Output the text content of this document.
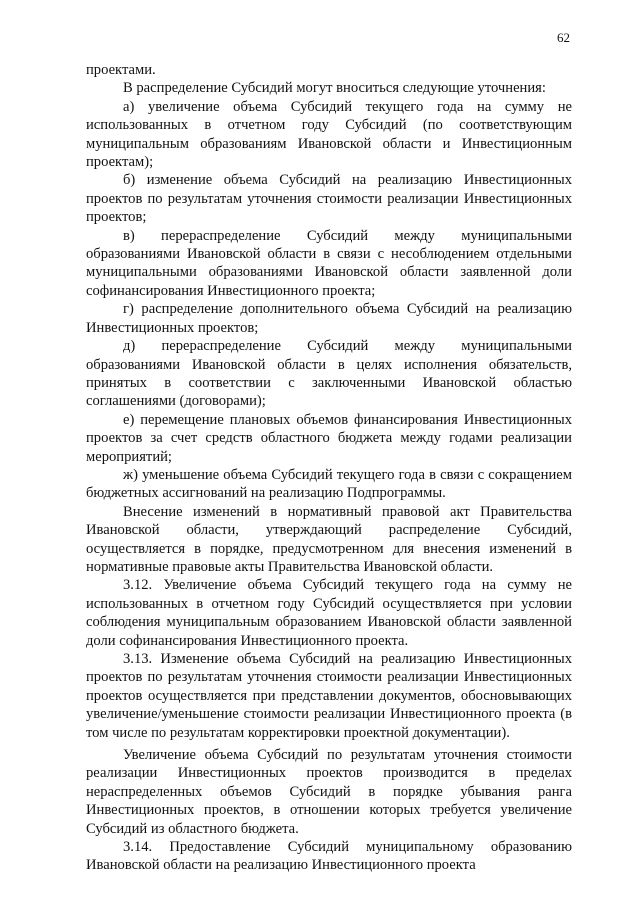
62

проектами.

В распределение Субсидий могут вноситься следующие уточнения:

а) увеличение объема Субсидий текущего года на сумму не использованных в отчетном году Субсидий (по соответствующим муниципальным образованиям Ивановской области и Инвестиционным проектам);

б) изменение объема Субсидий на реализацию Инвестиционных проектов по результатам уточнения стоимости реализации Инвестиционных проектов;

в) перераспределение Субсидий между муниципальными образованиями Ивановской области в связи с несоблюдением отдельными муниципальными образованиями Ивановской области заявленной доли софинансирования Инвестиционного проекта;

г) распределение дополнительного объема Субсидий на реализацию Инвестиционных проектов;

д) перераспределение Субсидий между муниципальными образованиями Ивановской области в целях исполнения обязательств, принятых в соответствии с заключенными Ивановской областью соглашениями (договорами);

е) перемещение плановых объемов финансирования Инвестиционных проектов за счет средств областного бюджета между годами реализации мероприятий;

ж) уменьшение объема Субсидий текущего года в связи с сокращением бюджетных ассигнований на реализацию Подпрограммы.

Внесение изменений в нормативный правовой акт Правительства Ивановской области, утверждающий распределение Субсидий, осуществляется в порядке, предусмотренном для внесения изменений в нормативные правовые акты Правительства Ивановской области.

3.12. Увеличение объема Субсидий текущего года на сумму не использованных в отчетном году Субсидий осуществляется при условии соблюдения муниципальным образованием Ивановской области заявленной доли софинансирования Инвестиционного проекта.

3.13. Изменение объема Субсидий на реализацию Инвестиционных проектов по результатам уточнения стоимости реализации Инвестиционных проектов осуществляется при представлении документов, обосновывающих увеличение/уменьшение стоимости реализации Инвестиционного проекта (в том числе по результатам корректировки проектной документации).

Увеличение объема Субсидий по результатам уточнения стоимости реализации Инвестиционных проектов производится в пределах нераспределенных объемов Субсидий в порядке убывания ранга Инвестиционных проектов, в отношении которых требуется увеличение Субсидий из областного бюджета.

3.14. Предоставление Субсидий муниципальному образованию Ивановской области на реализацию Инвестиционного проекта
